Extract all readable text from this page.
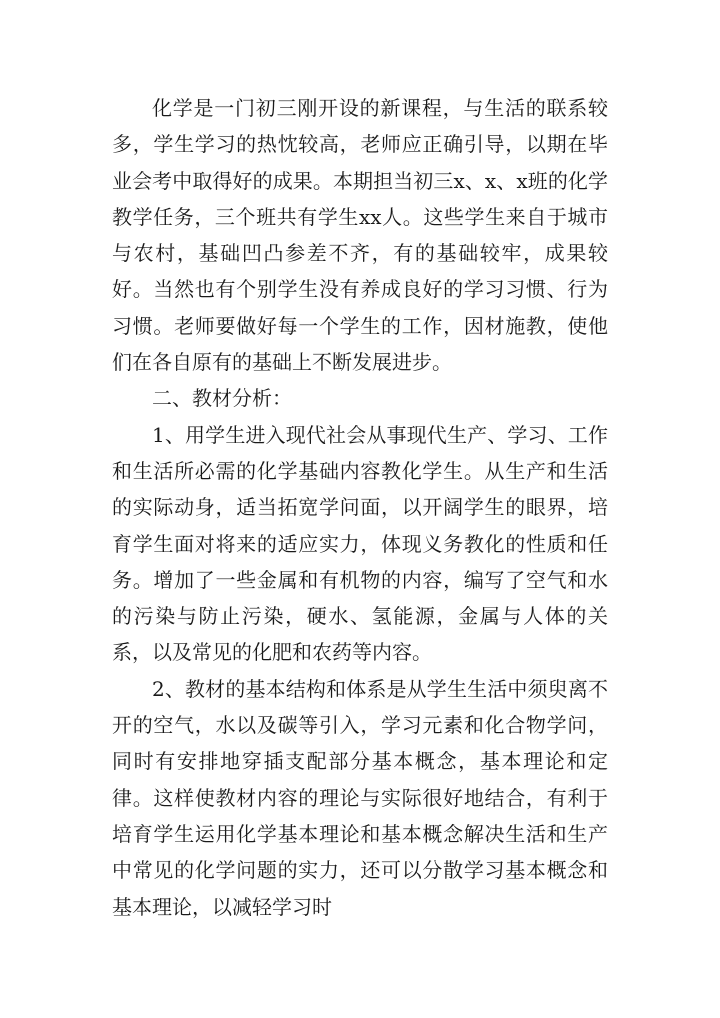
化学是一门初三刚开设的新课程，与生活的联系较多，学生学习的热忱较高，老师应正确引导，以期在毕业会考中取得好的成果。本期担当初三x、x、x班的化学教学任务，三个班共有学生xx人。这些学生来自于城市与农村，基础凹凸参差不齐，有的基础较牢，成果较好。当然也有个别学生没有养成良好的学习习惯、行为习惯。老师要做好每一个学生的工作，因材施教，使他们在各自原有的基础上不断发展进步。

二、教材分析：

1、用学生进入现代社会从事现代生产、学习、工作和生活所必需的化学基础内容教化学生。从生产和生活的实际动身，适当拓宽学问面，以开阔学生的眼界，培育学生面对将来的适应实力，体现义务教化的性质和任务。增加了一些金属和有机物的内容，编写了空气和水的污染与防止污染，硬水、氢能源，金属与人体的关系，以及常见的化肥和农药等内容。

2、教材的基本结构和体系是从学生生活中须臾离不开的空气，水以及碳等引入，学习元素和化合物学问，同时有安排地穿插支配部分基本概念，基本理论和定律。这样使教材内容的理论与实际很好地结合，有利于培育学生运用化学基本理论和基本概念解决生活和生产中常见的化学问题的实力，还可以分散学习基本概念和基本理论，以减轻学习时
